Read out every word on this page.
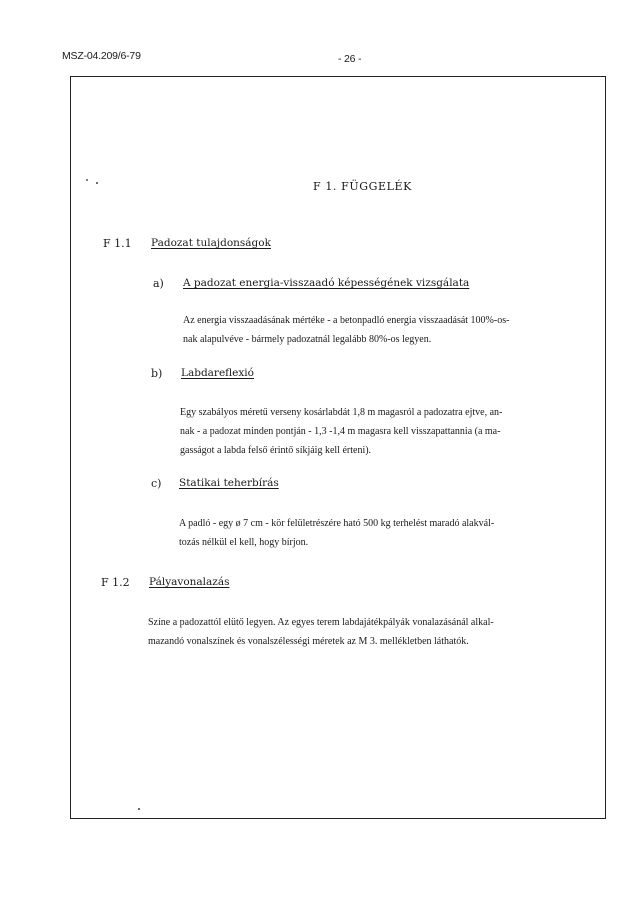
MSZ-04.209/6-79	- 26 -
F 1. FÜGGELÉK
F 1.1 Padozat tulajdonságok
a) A padozat energia-visszaadó képességének vizsgálata
Az energia visszaadásának mértéke - a betonpadló energia visszaadását 100%-os-
nak alapulvéve - bármely padozatnál legalább 80%-os legyen.
b) Labdareflexió
Egy szabályos méretű verseny kosárlabdát 1,8 m magasról a padozatra ejtve, an-
nak - a padozat minden pontján - 1,3 -1,4 m magasra kell visszapattannia (a ma-
gasságot a labda felső érintő síkjáig kell érteni).
c) Statikai teherbírás
A padló - egy ø 7 cm - kör felületrészére ható 500 kg terhelést maradó alakvál-
tozás nélkül el kell, hogy bírjon.
F 1.2 Pályavonalazás
Színe a padozattól elütő legyen. Az egyes terem labdajátékpályák vonalazásánál alkal-
mazandó vonalszínek és vonalszélességi méretek az M 3. mellékletben láthatók.
